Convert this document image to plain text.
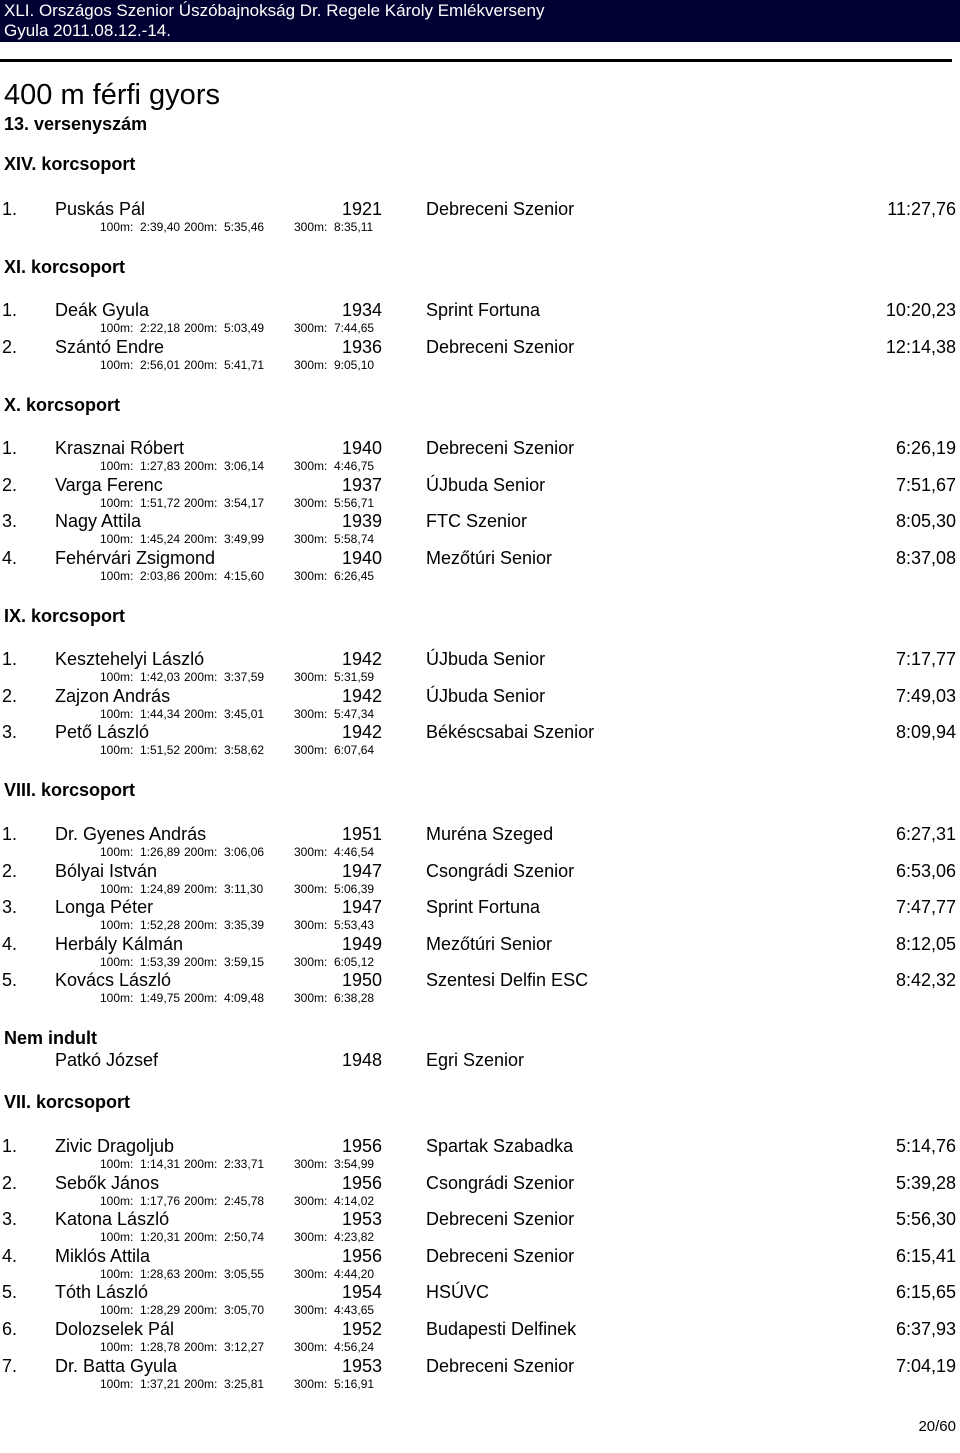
XLI. Országos Szenior Úszóbajnokság Dr. Regele Károly Emlékverseny
Gyula 2011.08.12.-14.
400 m férfi gyors
13. versenyszám
XIV. korcsoport
1. Puskás Pál	1921 Debreceni Szenior	11:27,76
100m: 2:39,40 200m: 5:35,46 300m: 8:35,11
XI. korcsoport
1. Deák Gyula	1934 Sprint Fortuna	10:20,23
100m: 2:22,18 200m: 5:03,49 300m: 7:44,65
2. Szántó Endre	1936 Debreceni Szenior	12:14,38
100m: 2:56,01 200m: 5:41,71 300m: 9:05,10
X. korcsoport
1. Krasznai Róbert	1940 Debreceni Szenior	6:26,19
100m: 1:27,83 200m: 3:06,14 300m: 4:46,75
2. Varga Ferenc	1937 ÚJbuda Senior	7:51,67
100m: 1:51,72 200m: 3:54,17 300m: 5:56,71
3. Nagy Attila	1939 FTC Szenior	8:05,30
100m: 1:45,24 200m: 3:49,99 300m: 5:58,74
4. Fehérvári Zsigmond	1940 Mezőtúri Senior	8:37,08
100m: 2:03,86 200m: 4:15,60 300m: 6:26,45
IX. korcsoport
1. Kesztehelyi László	1942 ÚJbuda Senior	7:17,77
100m: 1:42,03 200m: 3:37,59 300m: 5:31,59
2. Zajzon András	1942 ÚJbuda Senior	7:49,03
100m: 1:44,34 200m: 3:45,01 300m: 5:47,34
3. Pető László	1942 Békéscsabai Szenior	8:09,94
100m: 1:51,52 200m: 3:58,62 300m: 6:07,64
VIII. korcsoport
1. Dr. Gyenes András	1951 Muréna Szeged	6:27,31
100m: 1:26,89 200m: 3:06,06 300m: 4:46,54
2. Bólyai István	1947 Csongrádi Szenior	6:53,06
100m: 1:24,89 200m: 3:11,30	300m: 5:06,39
3. Longa Péter	1947 Sprint Fortuna	7:47,77
100m: 1:52,28 200m: 3:35,39 300m: 5:53,43
4. Herbály Kálmán	1949 Mezőtúri Senior	8:12,05
100m: 1:53,39 200m: 3:59,15 300m: 6:05,12
5. Kovács László	1950 Szentesi Delfin ESC	8:42,32
100m: 1:49,75 200m: 4:09,48 300m: 6:38,28
Nem indult
Patkó József	1948 Egri Szenior
VII. korcsoport
1. Zivic Dragoljub	1956 Spartak Szabadka	5:14,76
100m: 1:14,31 200m: 2:33,71 300m: 3:54,99
2. Sebők János	1956 Csongrádi Szenior	5:39,28
100m: 1:17,76 200m: 2:45,78 300m: 4:14,02
3. Katona László	1953 Debreceni Szenior	5:56,30
100m: 1:20,31 200m: 2:50,74 300m: 4:23,82
4. Miklós Attila	1956 Debreceni Szenior	6:15,41
100m: 1:28,63 200m: 3:05,55 300m: 4:44,20
5. Tóth László	1954 HSÚVC	6:15,65
100m: 1:28,29 200m: 3:05,70 300m: 4:43,65
6. Dolozselek Pál	1952 Budapesti Delfinek	6:37,93
100m: 1:28,78 200m: 3:12,27 300m: 4:56,24
7. Dr. Batta Gyula	1953 Debreceni Szenior	7:04,19
100m: 1:37,21 200m: 3:25,81 300m: 5:16,91
20/60
